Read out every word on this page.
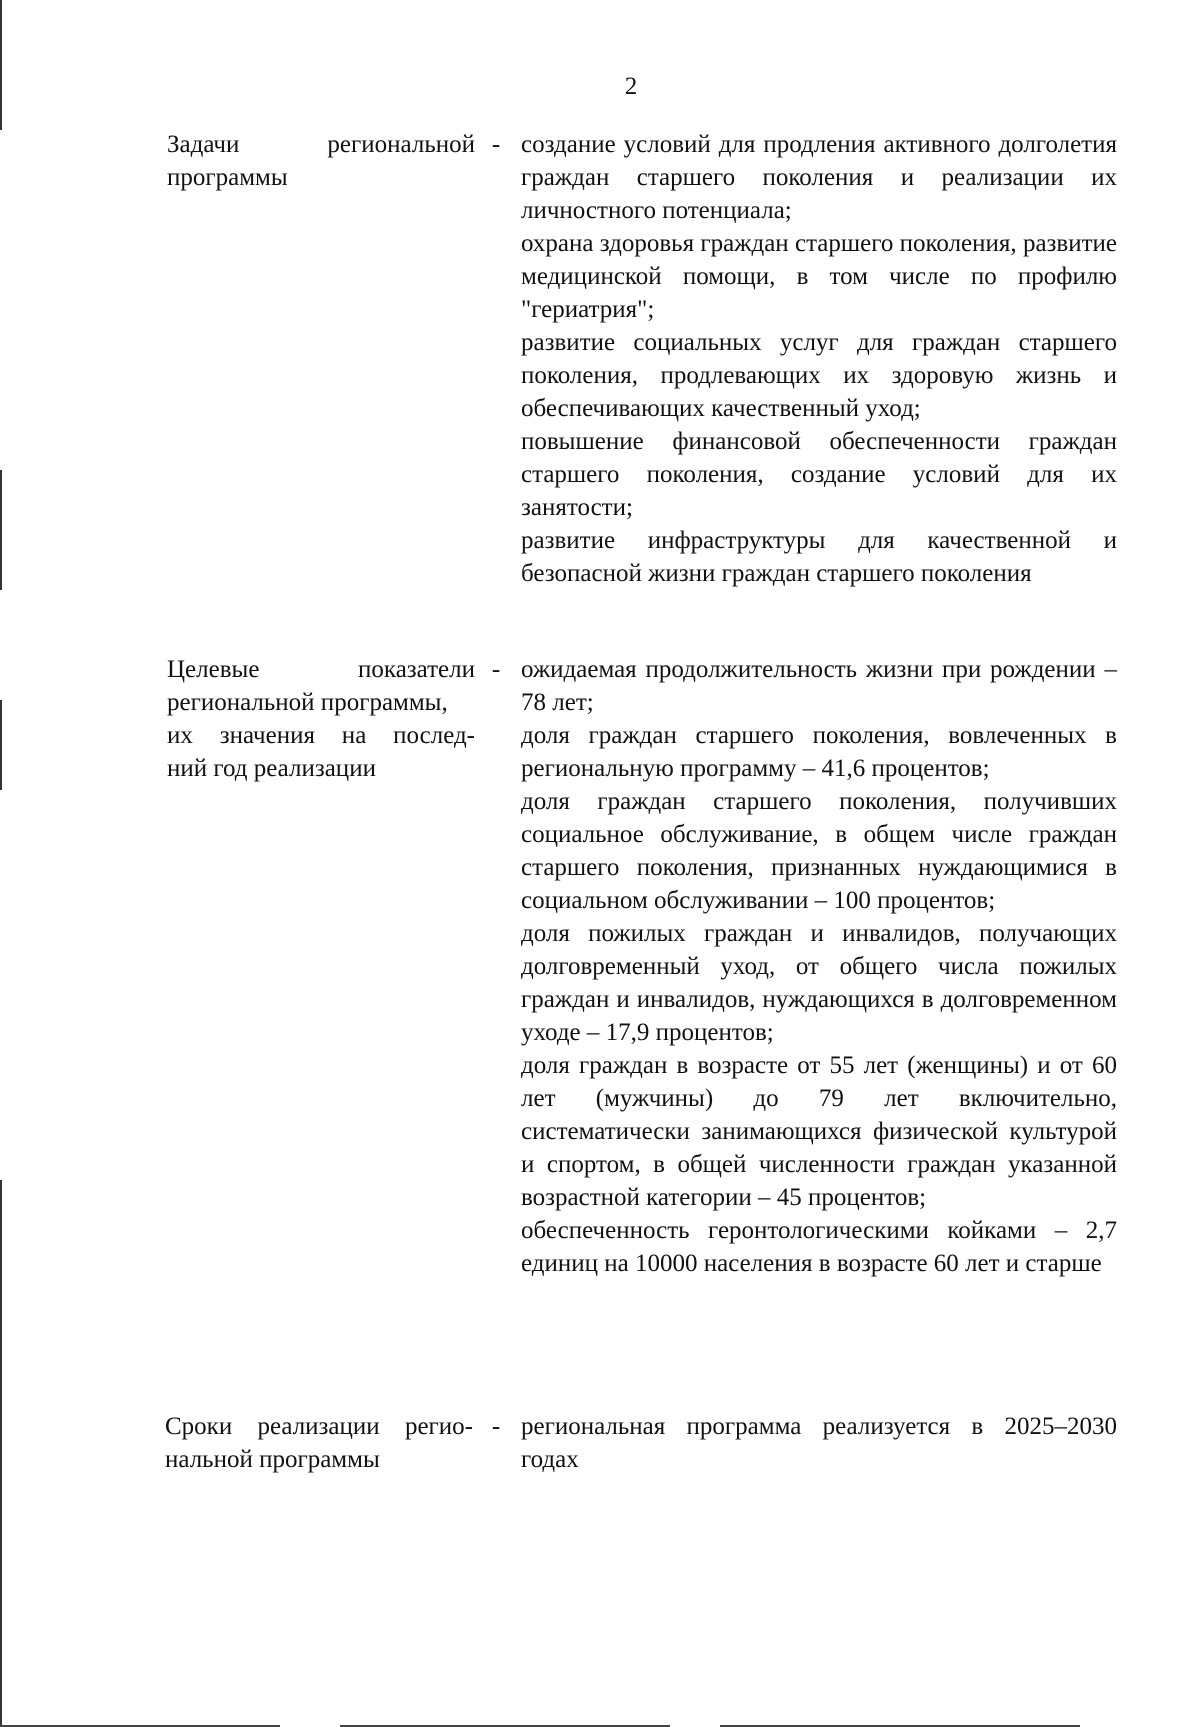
2
Задачи региональной
программы
- создание условий для продления активного долголетия граждан старшего поколения и реализации их личностного потенциала;

охрана здоровья граждан старшего поколения, развитие медицинской помощи, в том числе по профилю "гериатрия";

развитие социальных услуг для граждан старшего поколения, продлевающих их здоровую жизнь и обеспечивающих качественный уход;

повышение финансовой обеспеченности граждан старшего поколения, создание условий для их занятости;

развитие инфраструктуры для качественной и безопасной жизни граждан старшего поколения

Целевые показатели
региональной программы,
их значения на послед-
ний год реализации
- ожидаемая продолжительность жизни при рождении – 78 лет;

доля граждан старшего поколения, вовлеченных в региональную программу – 41,6 процентов;

доля граждан старшего поколения, получивших социальное обслуживание, в общем числе граждан старшего поколения, признанных нуждающимися в социальном обслуживании – 100 процентов;

доля пожилых граждан и инвалидов, получающих долговременный уход, от общего числа пожилых граждан и инвалидов, нуждающихся в долговременном уходе – 17,9 процентов;

доля граждан в возрасте от 55 лет (женщины) и от 60 лет (мужчины) до 79 лет включительно, систематически занимающихся физической культурой и спортом, в общей численности граждан указанной возрастной категории – 45 процентов;

обеспеченность геронтологическими койками – 2,7 единиц на 10000 населения в возрасте 60 лет и старше

Сроки реализации регио-
нальной программы
- региональная программа реализуется в 2025–2030 годах
